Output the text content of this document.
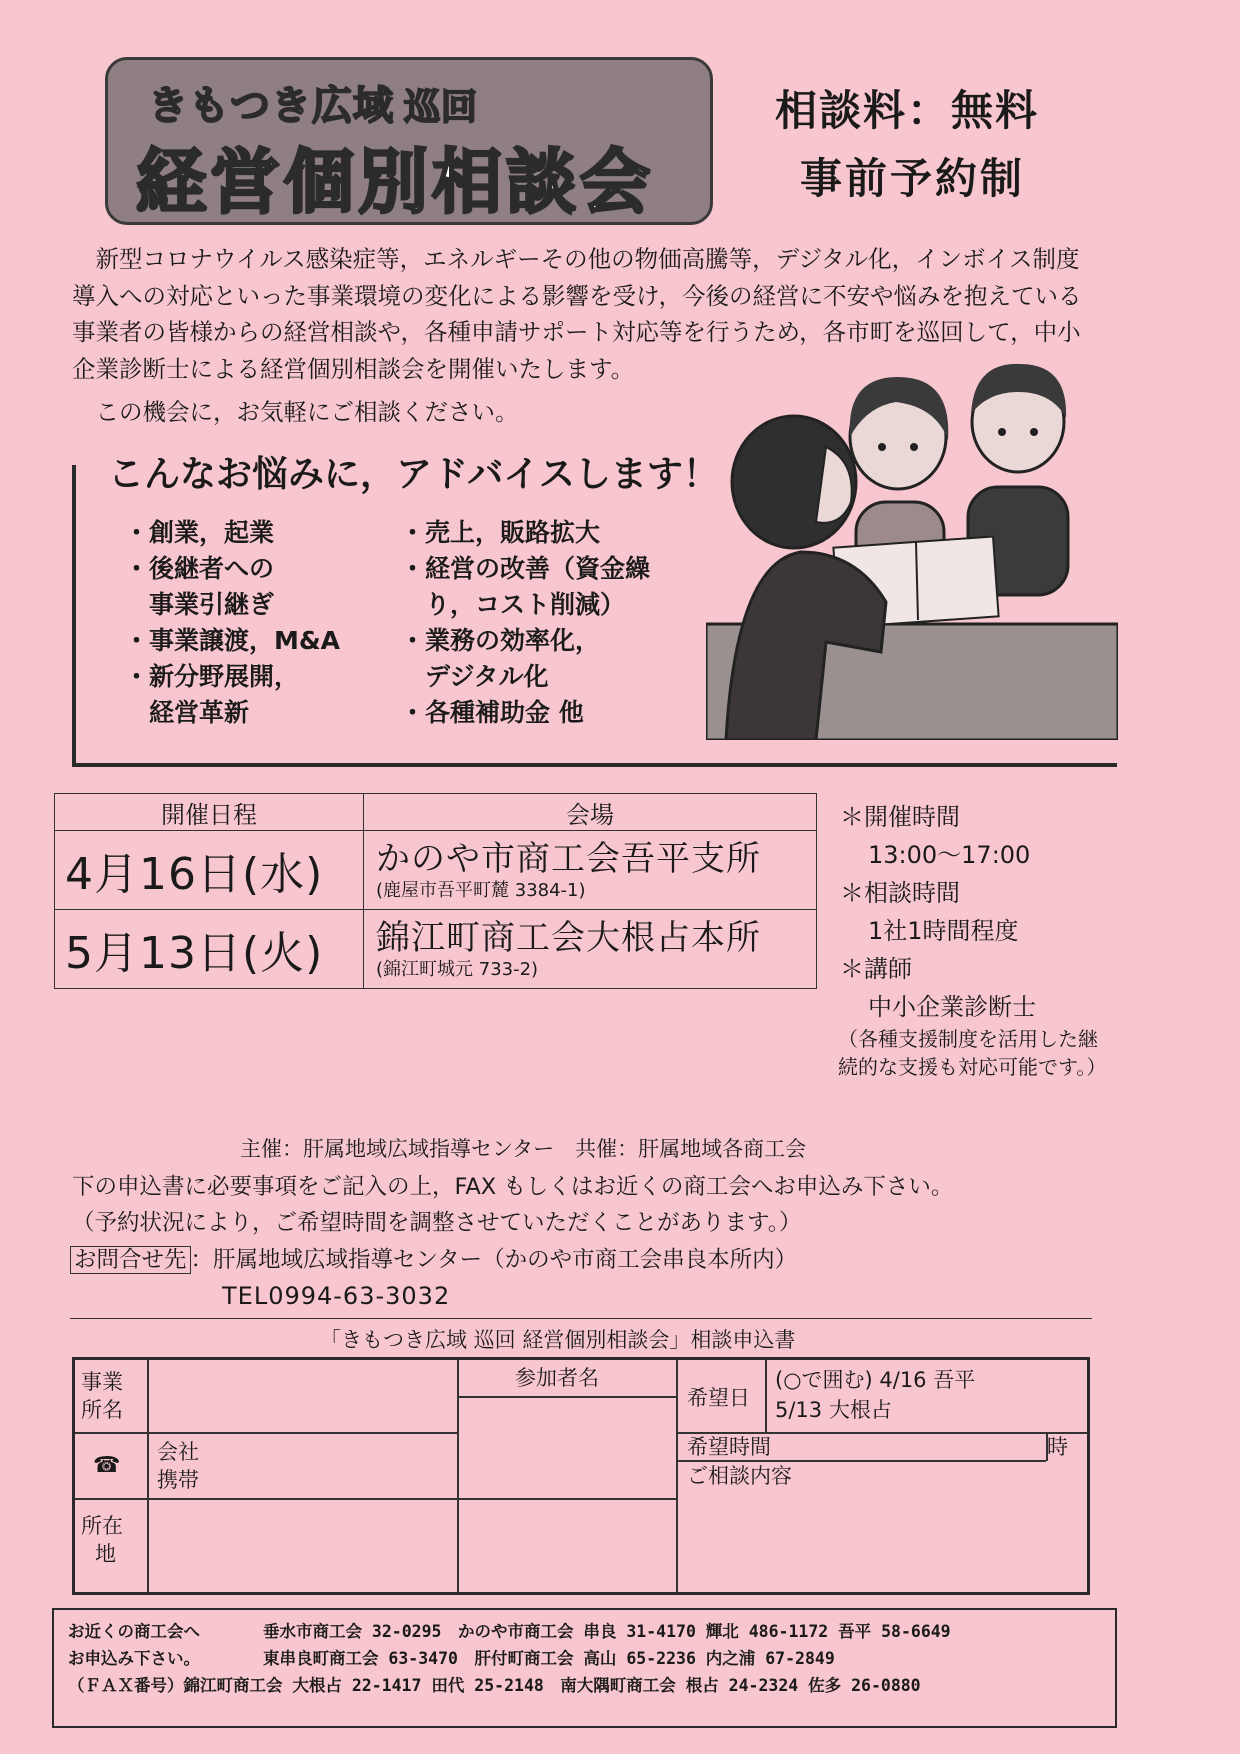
きもつき広域 巡回
経営個別相談会
相談料：無料
事前予約制
新型コロナウイルス感染症等，エネルギーその他の物価高騰等，デジタル化，インボイス制度導入への対応といった事業環境の変化による影響を受け，今後の経営に不安や悩みを抱えている事業者の皆様からの経営相談や，各種申請サポート対応等を行うため，各市町を巡回して，中小企業診断士による経営個別相談会を開催いたします。
この機会に，お気軽にご相談ください。
こんなお悩みに，アドバイスします！
・創業，起業
・後継者への
　事業引継ぎ
・事業譲渡，M&A
・新分野展開，
　経営革新
・売上，販路拡大
・経営の改善（資金繰
　り，コスト削減）
・業務の効率化，
　デジタル化
・各種補助金 他
開催日程	会場
4月16日(水)	かのや市商工会吾平支所
(鹿屋市吾平町麓 3384-1)

5月13日(火)	錦江町商工会大根占本所
(錦江町城元 733-2)
＊開催時間
13:00～17:00
＊相談時間
1社1時間程度
＊講師
中小企業診断士
（各種支援制度を活用した継続的な支援も対応可能です。）
主催：肝属地域広域指導センター　共催：肝属地域各商工会
下の申込書に必要事項をご記入の上，FAX もしくはお近くの商工会へお申込み下さい。
（予約状況により，ご希望時間を調整させていただくことがあります。）
お問合せ先 ：肝属地域広域指導センター（かのや市商工会串良本所内）
TEL0994-63-3032
「きもつき広域 巡回 経営個別相談会」相談申込書
事業
所名
☎
会社
携帯
所在
地
参加者名
希望日
(○で囲む) 4/16 吾平
5/13 大根占
希望時間	時
ご相談内容
お近くの商工会へ	垂水市商工会 32-0295　かのや市商工会 串良 31-4170 輝北 486-1172 吾平 58-6649
お申込み下さい。	東串良町商工会 63-3470　肝付町商工会 高山 65-2236 内之浦 67-2849
（ＦＡＸ番号）錦江町商工会 大根占 22-1417 田代 25-2148　南大隅町商工会 根占 24-2324 佐多 26-0880
